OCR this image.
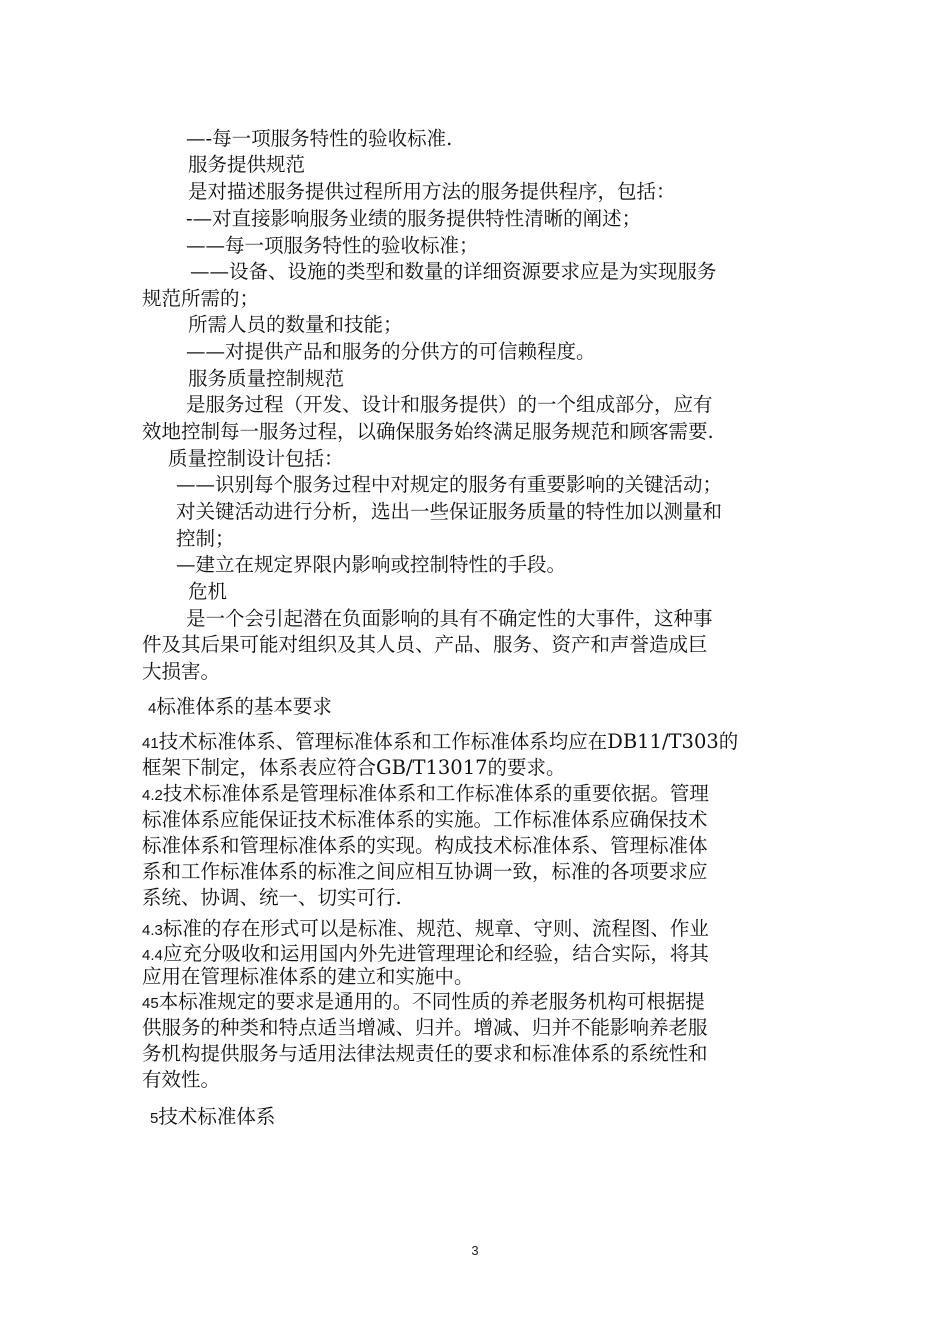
—-每一项服务特性的验收标准.
服务提供规范
是对描述服务提供过程所用方法的服务提供程序，包括：
-—对直接影响服务业绩的服务提供特性清晰的阐述；
——每一项服务特性的验收标准；
——设备、设施的类型和数量的详细资源要求应是为实现服务
规范所需的；
所需人员的数量和技能；
——对提供产品和服务的分供方的可信赖程度。
服务质量控制规范
是服务过程（开发、设计和服务提供）的一个组成部分，应有
效地控制每一服务过程，以确保服务始终满足服务规范和顾客需要.
质量控制设计包括：
——识别每个服务过程中对规定的服务有重要影响的关键活动；
对关键活动进行分析，选出一些保证服务质量的特性加以测量和
控制；
—建立在规定界限内影响或控制特性的手段。
危机
是一个会引起潜在负面影响的具有不确定性的大事件，这种事
件及其后果可能对组织及其人员、产品、服务、资产和声誉造成巨
大损害。
4标准体系的基本要求
41技术标准体系、管理标准体系和工作标准体系均应在DB11/T303的
框架下制定，体系表应符合GB/T13017的要求。
4.2技术标准体系是管理标准体系和工作标准体系的重要依据。管理
标准体系应能保证技术标准体系的实施。工作标准体系应确保技术
标准体系和管理标准体系的实现。构成技术标准体系、管理标准体
系和工作标准体系的标准之间应相互协调一致，标准的各项要求应
系统、协调、统一、切实可行.
4.3标准的存在形式可以是标准、规范、规章、守则、流程图、作业
4.4应充分吸收和运用国内外先进管理理论和经验，结合实际，将其
应用在管理标准体系的建立和实施中。
45本标准规定的要求是通用的。不同性质的养老服务机构可根据提
供服务的种类和特点适当增减、归并。增减、归并不能影响养老服
务机构提供服务与适用法律法规责任的要求和标准体系的系统性和
有效性。
5技术标准体系
3
